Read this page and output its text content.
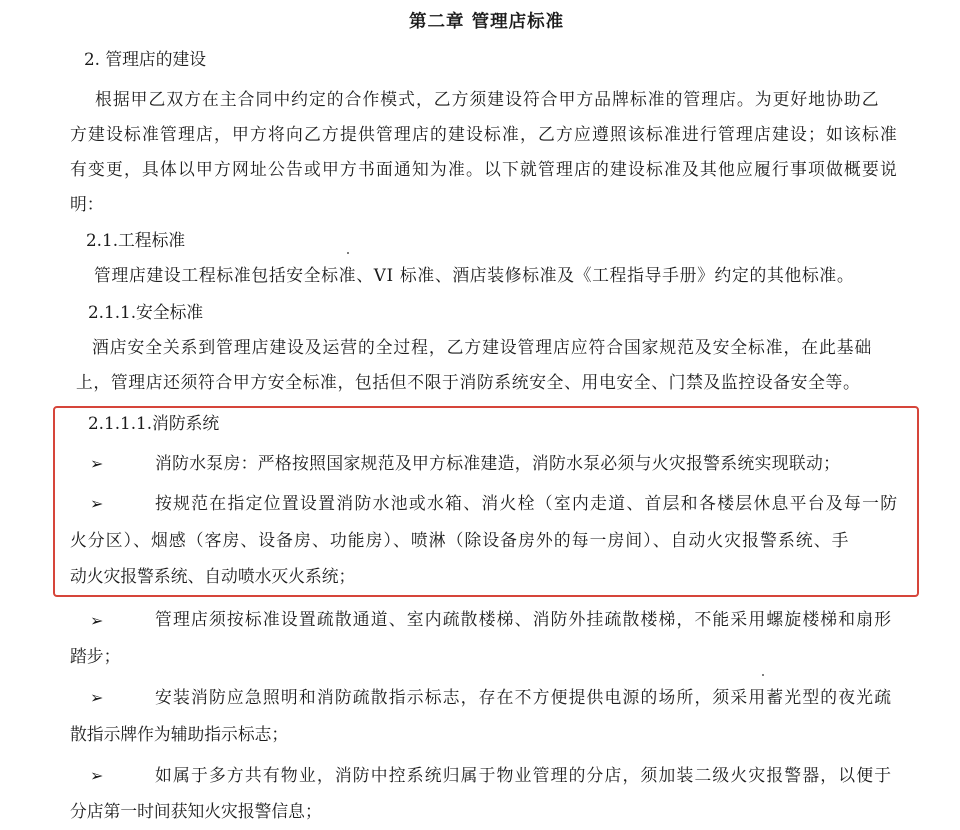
第二章 管理店标准
2. 管理店的建设
根据甲乙双方在主合同中约定的合作模式，乙方须建设符合甲方品牌标准的管理店。为更好地协助乙
方建设标准管理店，甲方将向乙方提供管理店的建设标准，乙方应遵照该标准进行管理店建设；如该标准
有变更，具体以甲方网址公告或甲方书面通知为准。以下就管理店的建设标准及其他应履行事项做概要说
明：
2.1.工程标准
管理店建设工程标准包括安全标准、VI 标准、酒店装修标准及《工程指导手册》约定的其他标准。
2.1.1.安全标准
酒店安全关系到管理店建设及运营的全过程，乙方建设管理店应符合国家规范及安全标准，在此基础
上，管理店还须符合甲方安全标准，包括但不限于消防系统安全、用电安全、门禁及监控设备安全等。
2.1.1.1.消防系统
➢	消防水泵房：严格按照国家规范及甲方标准建造，消防水泵必须与火灾报警系统实现联动；
➢	按规范在指定位置设置消防水池或水箱、消火栓（室内走道、首层和各楼层休息平台及每一防
火分区）、烟感（客房、设备房、功能房）、喷淋（除设备房外的每一房间）、自动火灾报警系统、手
动火灾报警系统、自动喷水灭火系统；
➢	管理店须按标准设置疏散通道、室内疏散楼梯、消防外挂疏散楼梯，不能采用螺旋楼梯和扇形
踏步；
➢	安装消防应急照明和消防疏散指示标志，存在不方便提供电源的场所，须采用蓄光型的夜光疏
散指示牌作为辅助指示标志；
➢	如属于多方共有物业，消防中控系统归属于物业管理的分店，须加装二级火灾报警器，以便于
分店第一时间获知火灾报警信息；
